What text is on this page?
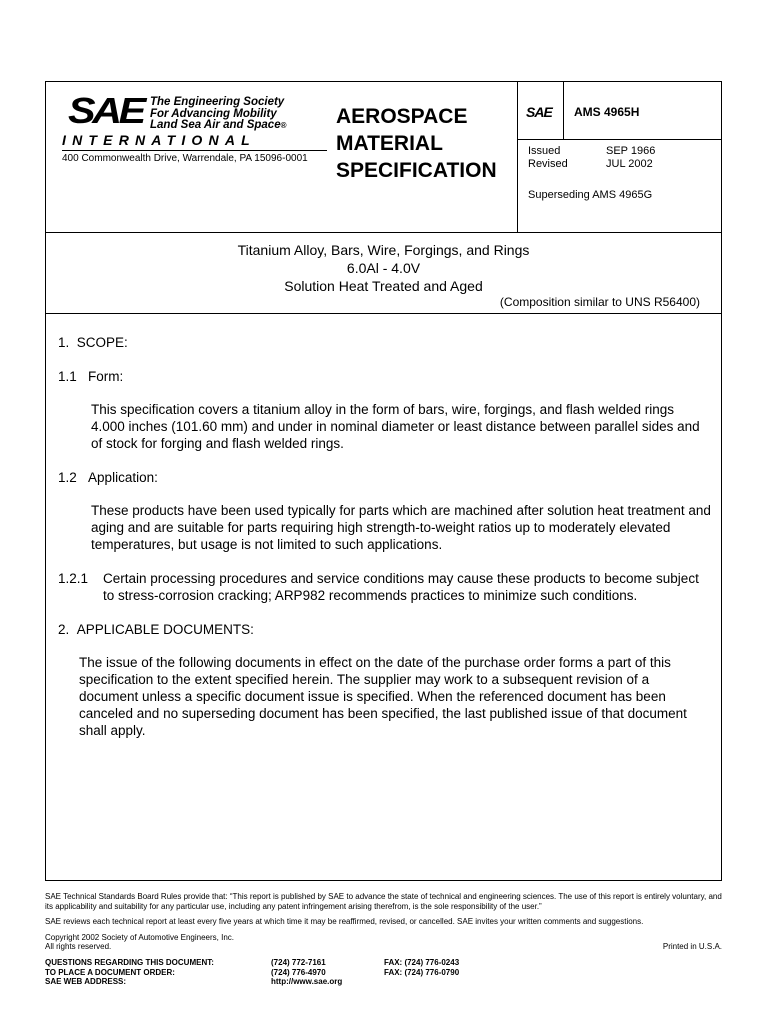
SAE The Engineering Society
For Advancing Mobility
Land Sea Air and Space®
INTERNATIONAL
400 Commonwealth Drive, Warrendale, PA 15096-0001
AEROSPACE
MATERIAL
SPECIFICATION
SAE AMS 4965H
Issued	SEP 1966
Revised	JUL 2002
Superseding AMS 4965G
Titanium Alloy, Bars, Wire, Forgings, and Rings
6.0Al - 4.0V
Solution Heat Treated and Aged
(Composition similar to UNS R56400)
1. SCOPE:
1.1 Form:
This specification covers a titanium alloy in the form of bars, wire, forgings, and flash welded rings 4.000 inches (101.60 mm) and under in nominal diameter or least distance between parallel sides and of stock for forging and flash welded rings.
1.2 Application:
These products have been used typically for parts which are machined after solution heat treatment and aging and are suitable for parts requiring high strength-to-weight ratios up to moderately elevated temperatures, but usage is not limited to such applications.
1.2.1 Certain processing procedures and service conditions may cause these products to become subject to stress-corrosion cracking; ARP982 recommends practices to minimize such conditions.
2. APPLICABLE DOCUMENTS:
The issue of the following documents in effect on the date of the purchase order forms a part of this specification to the extent specified herein. The supplier may work to a subsequent revision of a document unless a specific document issue is specified. When the referenced document has been canceled and no superseding document has been specified, the last published issue of that document shall apply.
SAE Technical Standards Board Rules provide that: “This report is published by SAE to advance the state of technical and engineering sciences. The use of this report is entirely voluntary, and its applicability and suitability for any particular use, including any patent infringement arising therefrom, is the sole responsibility of the user.”
SAE reviews each technical report at least every five years at which time it may be reaffirmed, revised, or cancelled. SAE invites your written comments and suggestions.
Copyright 2002 Society of Automotive Engineers, Inc.
All rights reserved.	Printed in U.S.A.
QUESTIONS REGARDING THIS DOCUMENT:	(724) 772-7161	FAX: (724) 776-0243
TO PLACE A DOCUMENT ORDER:	(724) 776-4970	FAX: (724) 776-0790
SAE WEB ADDRESS:	http://www.sae.org
